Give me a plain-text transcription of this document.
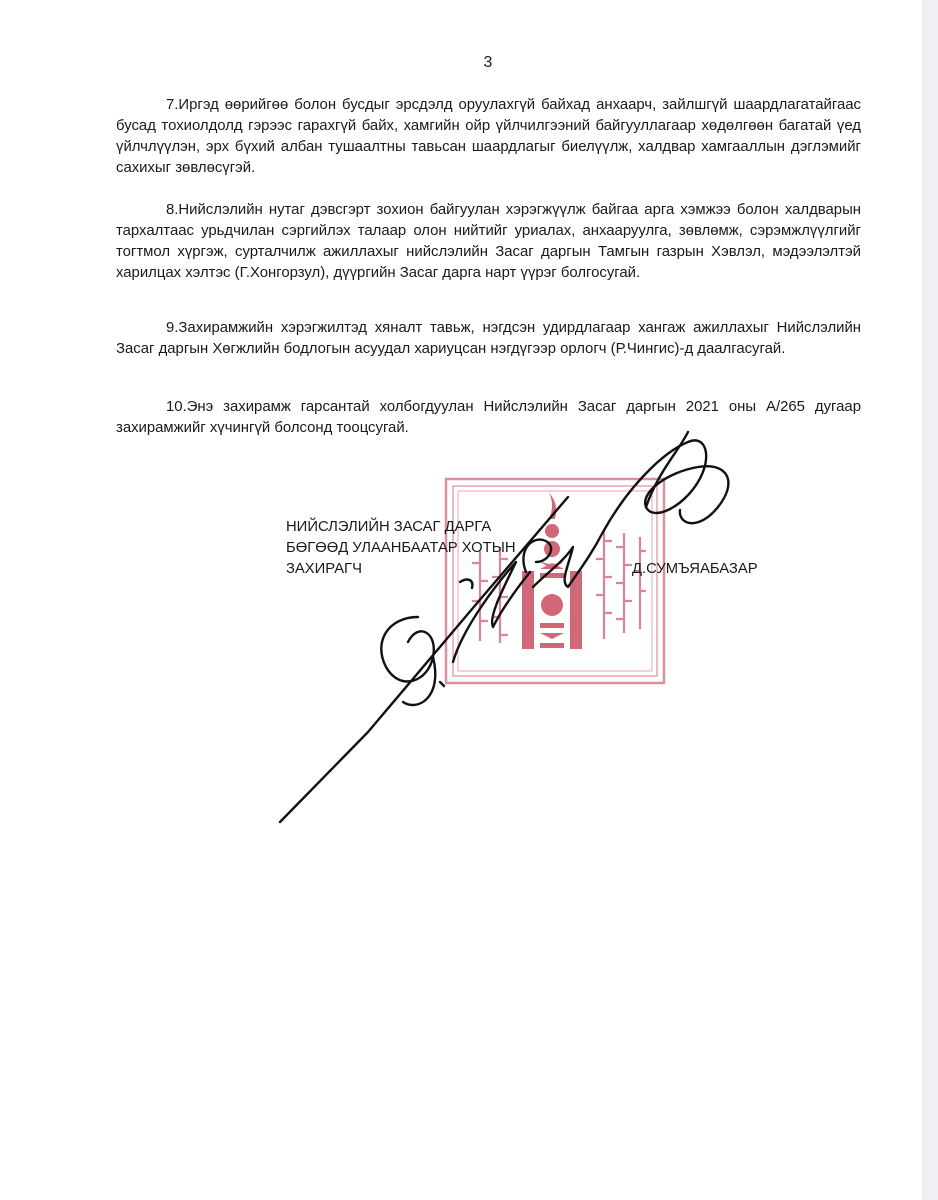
3

7.Иргэд өөрийгөө болон бусдыг эрсдэлд оруулахгүй байхад анхаарч, зайлшгүй шаардлагатайгаас бусад тохиолдолд гэрээс гарахгүй байх, хамгийн ойр үйлчилгээний байгууллагаар хөдөлгөөн багатай үед үйлчлүүлэн, эрх бүхий албан тушаалтны тавьсан шаардлагыг биелүүлж, халдвар хамгааллын дэглэмийг сахихыг зөвлөсүгэй.

8.Нийслэлийн нутаг дэвсгэрт зохион байгуулан хэрэгжүүлж байгаа арга хэмжээ болон халдварын тархалтаас урьдчилан сэргийлэх талаар олон нийтийг уриалах, анхааруулга, зөвлөмж, сэрэмжлүүлгийг тогтмол хүргэж, сурталчилж ажиллахыг нийслэлийн Засаг даргын Тамгын газрын Хэвлэл, мэдээлэлтэй харилцах хэлтэс (Г.Хонгорзул), дүүргийн Засаг дарга нарт үүрэг болгосугай.

9.Захирамжийн хэрэгжилтэд хяналт тавьж, нэгдсэн удирдлагаар хангаж ажиллахыг Нийслэлийн Засаг даргын Хөгжлийн бодлогын асуудал хариуцсан нэгдүгээр орлогч (Р.Чингис)-д даалгасугай.

10.Энэ захирамж гарсантай холбогдуулан Нийслэлийн Засаг даргын 2021 оны А/265 дугаар захирамжийг хүчингүй болсонд тооцсугай.

НИЙСЛЭЛИЙН ЗАСАГ ДАРГА
БӨГӨӨД УЛААНБААТАР ХОТЫН
ЗАХИРАГЧ	Д.СУМЪЯАБАЗАР
